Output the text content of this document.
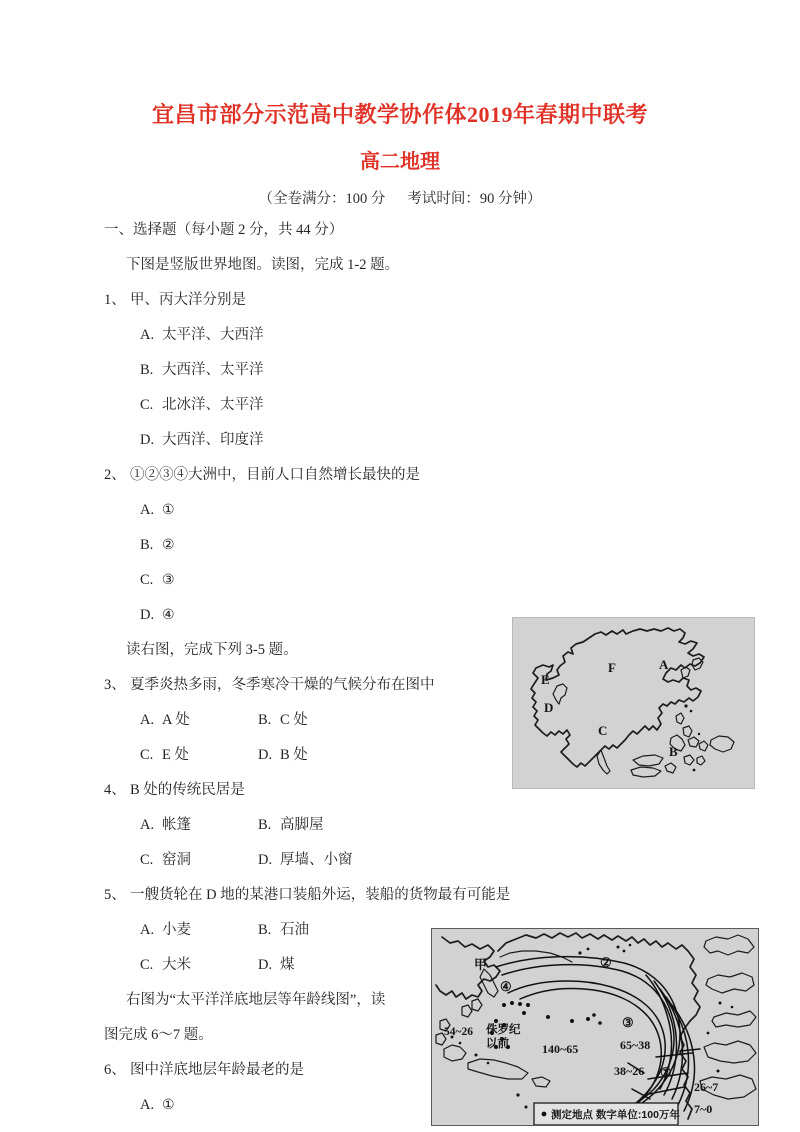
宜昌市部分示范高中教学协作体2019年春期中联考
高二地理
（全卷满分：100 分 考试时间：90 分钟）
一、选择题（每小题 2 分，共 44 分）
下图是竖版世界地图。读图，完成 1-2 题。
1、 甲、丙大洋分别是
A. 太平洋、大西洋
B. 大西洋、太平洋
C. 北冰洋、太平洋
D. 大西洋、印度洋
2、 ①②③④大洲中，目前人口自然增长最快的是
A. ①
B. ②
C. ③
D. ④
读右图，完成下列 3-5 题。
3、 夏季炎热多雨，冬季寒冷干燥的气候分布在图中
A. A 处	B. C 处
C. E 处	D. B 处
4、 B 处的传统民居是
A. 帐篷	B. 高脚屋
C. 窑洞	D. 厚墙、小窗
5、 一艘货轮在 D 地的某港口装船外运，装船的货物最有可能是
A. 小麦	B. 石油
C. 大米	D. 煤
右图为“太平洋洋底地层等年龄线图”，读
图完成 6～7 题。
6、 图中洋底地层年龄最老的是
A. ①
A
B
C
D
E
F
甲
④
②
③
①
54~26 侏罗纪
以前	140~65	65~38
38~26
26~7
7~0
测定地点 数字单位:100万年
